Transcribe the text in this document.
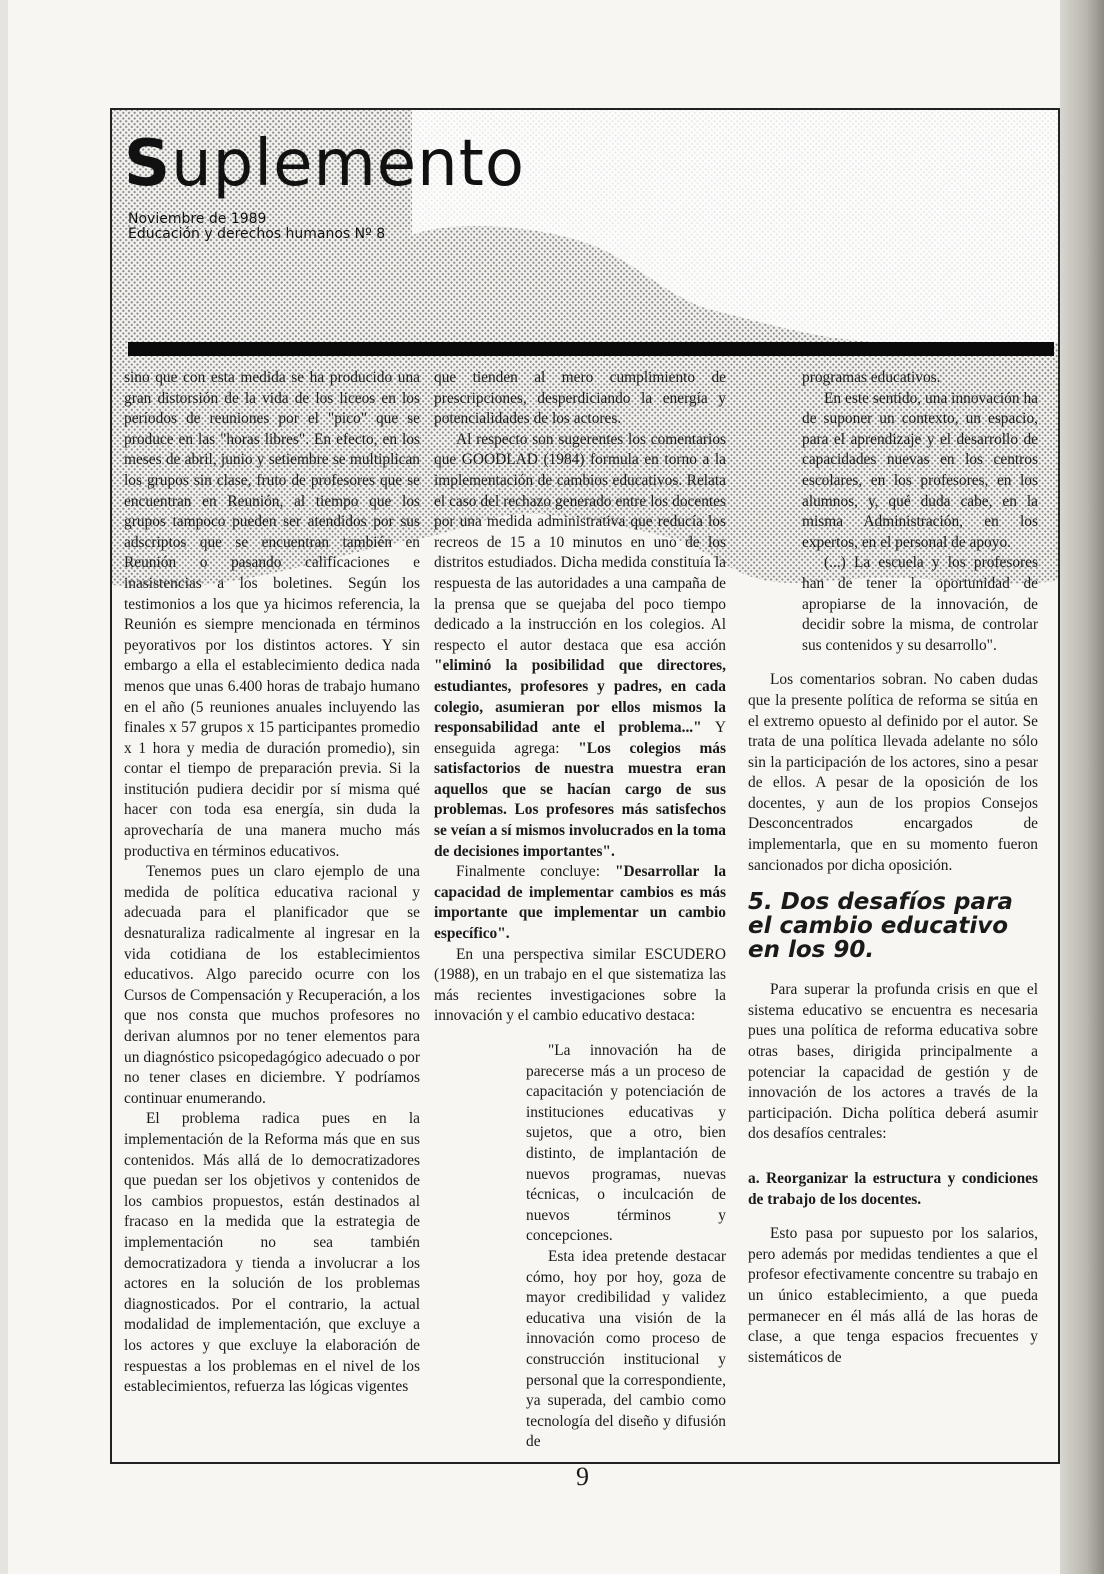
Suplemento
Noviembre de 1989
Educación y derechos humanos Nº 8

sino que con esta medida se ha producido una gran distorsión de la vida de los liceos en los períodos de reuniones por el "pico" que se produce en las "horas libres". En efecto, en los meses de abril, junio y setiembre se multiplican los grupos sin clase, fruto de profesores que se encuentran en Reunión, al tiempo que los grupos tampoco pueden ser atendidos por sus adscriptos que se encuentran también en Reunión o pasando calificaciones e inasistencias a los boletines. Según los testimonios a los que ya hicimos referencia, la Reunión es siempre mencionada en términos peyorativos por los distintos actores. Y sin embargo a ella el establecimiento dedica nada menos que unas 6.400 horas de trabajo humano en el año (5 reuniones anuales incluyendo las finales x 57 grupos x 15 participantes promedio x 1 hora y media de duración promedio), sin contar el tiempo de preparación previa. Si la institución pudiera decidir por sí misma qué hacer con toda esa energía, sin duda la aprovecharía de una manera mucho más productiva en términos educativos.

Tenemos pues un claro ejemplo de una medida de política educativa racional y adecuada para el planificador que se desnaturaliza radicalmente al ingresar en la vida cotidiana de los establecimientos educativos. Algo parecido ocurre con los Cursos de Compensación y Recuperación, a los que nos consta que muchos profesores no derivan alumnos por no tener elementos para un diagnóstico psicopedagógico adecuado o por no tener clases en diciembre. Y podríamos continuar enumerando.

El problema radica pues en la implementación de la Reforma más que en sus contenidos. Más allá de lo democratizadores que puedan ser los objetivos y contenidos de los cambios propuestos, están destinados al fracaso en la medida que la estrategia de implementación no sea también democratizadora y tienda a involucrar a los actores en la solución de los problemas diagnosticados. Por el contrario, la actual modalidad de implementación, que excluye a los actores y que excluye la elaboración de respuestas a los problemas en el nivel de los establecimientos, refuerza las lógicas vigentes

que tienden al mero cumplimiento de prescripciones, desperdiciando la energía y potencialidades de los actores.

Al respecto son sugerentes los comentarios que GOODLAD (1984) formula en torno a la implementación de cambios educativos. Relata el caso del rechazo generado entre los docentes por una medida administrativa que reducía los recreos de 15 a 10 minutos en uno de los distritos estudiados. Dicha medida constituía la respuesta de las autoridades a una campaña de la prensa que se quejaba del poco tiempo dedicado a la instrucción en los colegios. Al respecto el autor destaca que esa acción "eliminó la posibilidad que directores, estudiantes, profesores y padres, en cada colegio, asumieran por ellos mismos la responsabilidad ante el problema..." Y enseguida agrega: "Los colegios más satisfactorios de nuestra muestra eran aquellos que se hacían cargo de sus problemas. Los profesores más satisfechos se veían a sí mismos involucrados en la toma de decisiones importantes".

Finalmente concluye: "Desarrollar la capacidad de implementar cambios es más importante que implementar un cambio específico".

En una perspectiva similar ESCUDERO (1988), en un trabajo en el que sistematiza las más recientes investigaciones sobre la innovación y el cambio educativo destaca:

"La innovación ha de parecerse más a un proceso de capacitación y potenciación de instituciones educativas y sujetos, que a otro, bien distinto, de implantación de nuevos programas, nuevas técnicas, o inculcación de nuevos términos y concepciones.

Esta idea pretende destacar cómo, hoy por hoy, goza de mayor credibilidad y validez educativa una visión de la innovación como proceso de construcción institucional y personal que la correspondiente, ya superada, del cambio como tecnología del diseño y difusión de

programas educativos.

En este sentido, una innovación ha de suponer un contexto, un espacio, para el aprendizaje y el desarrollo de capacidades nuevas en los centros escolares, en los profesores, en los alumnos, y, qué duda cabe, en la misma Administración, en los expertos, en el personal de apoyo.

(...) La escuela y los profesores han de tener la oportunidad de apropiarse de la innovación, de decidir sobre la misma, de controlar sus contenidos y su desarrollo".

Los comentarios sobran. No caben dudas que la presente política de reforma se sitúa en el extremo opuesto al definido por el autor. Se trata de una política llevada adelante no sólo sin la participación de los actores, sino a pesar de ellos. A pesar de la oposición de los docentes, y aun de los propios Consejos Desconcentrados encargados de implementarla, que en su momento fueron sancionados por dicha oposición.

5. Dos desafíos para el cambio educativo en los 90.

Para superar la profunda crisis en que el sistema educativo se encuentra es necesaria pues una política de reforma educativa sobre otras bases, dirigida principalmente a potenciar la capacidad de gestión y de innovación de los actores a través de la participación. Dicha política deberá asumir dos desafíos centrales:

a. Reorganizar la estructura y condiciones de trabajo de los docentes.

Esto pasa por supuesto por los salarios, pero además por medidas tendientes a que el profesor efectivamente concentre su trabajo en un único establecimiento, a que pueda permanecer en él más allá de las horas de clase, a que tenga espacios frecuentes y sistemáticos de

9
